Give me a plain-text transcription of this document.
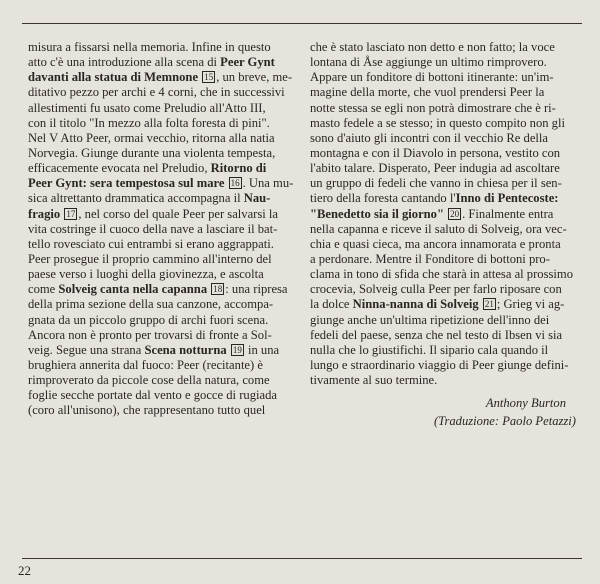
misura a fissarsi nella memoria. Infine in questo
atto c'è una introduzione alla scena di Peer Gynt
davanti alla statua di Memnone 15 , un breve, me-
ditativo pezzo per archi e 4 corni, che in successivi
allestimenti fu usato come Preludio all'Atto III,
con il titolo "In mezzo alla folta foresta di pini".
Nel V Atto Peer, ormai vecchio, ritorna alla natia
Norvegia. Giunge durante una violenta tempesta,
efficacemente evocata nel Preludio, Ritorno di
Peer Gynt: sera tempestosa sul mare 16 . Una mu-
sica altrettanto drammatica accompagna il Nau-
fragio 17 , nel corso del quale Peer per salvarsi la
vita costringe il cuoco della nave a lasciare il bat-
tello rovesciato cui entrambi si erano aggrappati.
Peer prosegue il proprio cammino all'interno del
paese verso i luoghi della giovinezza, e ascolta
come Solveig canta nella capanna 18 : una ripresa
della prima sezione della sua canzone, accompa-
gnata da un piccolo gruppo di archi fuori scena.
Ancora non è pronto per trovarsi di fronte a Sol-
veig. Segue una strana Scena notturna 19 in una
brughiera annerita dal fuoco: Peer (recitante) è
rimproverato da piccole cose della natura, come
foglie secche portate dal vento e gocce di rugiada
(coro all'unisono), che rappresentano tutto quel
che è stato lasciato non detto e non fatto; la voce
lontana di Åse aggiunge un ultimo rimprovero.
Appare un fonditore di bottoni itinerante: un'im-
magine della morte, che vuol prendersi Peer la
notte stessa se egli non potrà dimostrare che è ri-
masto fedele a se stesso; in questo compito non gli
sono d'aiuto gli incontri con il vecchio Re della
montagna e con il Diavolo in persona, vestito con
l'abito talare. Disperato, Peer indugia ad ascoltare
un gruppo di fedeli che vanno in chiesa per il sen-
tiero della foresta cantando l'Inno di Pentecoste:
"Benedetto sia il giorno" 20 . Finalmente entra
nella capanna e riceve il saluto di Solveig, ora vec-
chia e quasi cieca, ma ancora innamorata e pronta
a perdonare. Mentre il Fonditore di bottoni pro-
clama in tono di sfida che starà in attesa al prossimo
crocevia, Solveig culla Peer per farlo riposare con
la dolce Ninna-nanna di Solveig 21 ; Grieg vi ag-
giunge anche un'ultima ripetizione dell'inno dei
fedeli del paese, senza che nel testo di Ibsen vi sia
nulla che lo giustifichi. Il sipario cala quando il
lungo e straordinario viaggio di Peer giunge defini-
tivamente al suo termine.
Anthony Burton
(Traduzione: Paolo Petazzi)
22
